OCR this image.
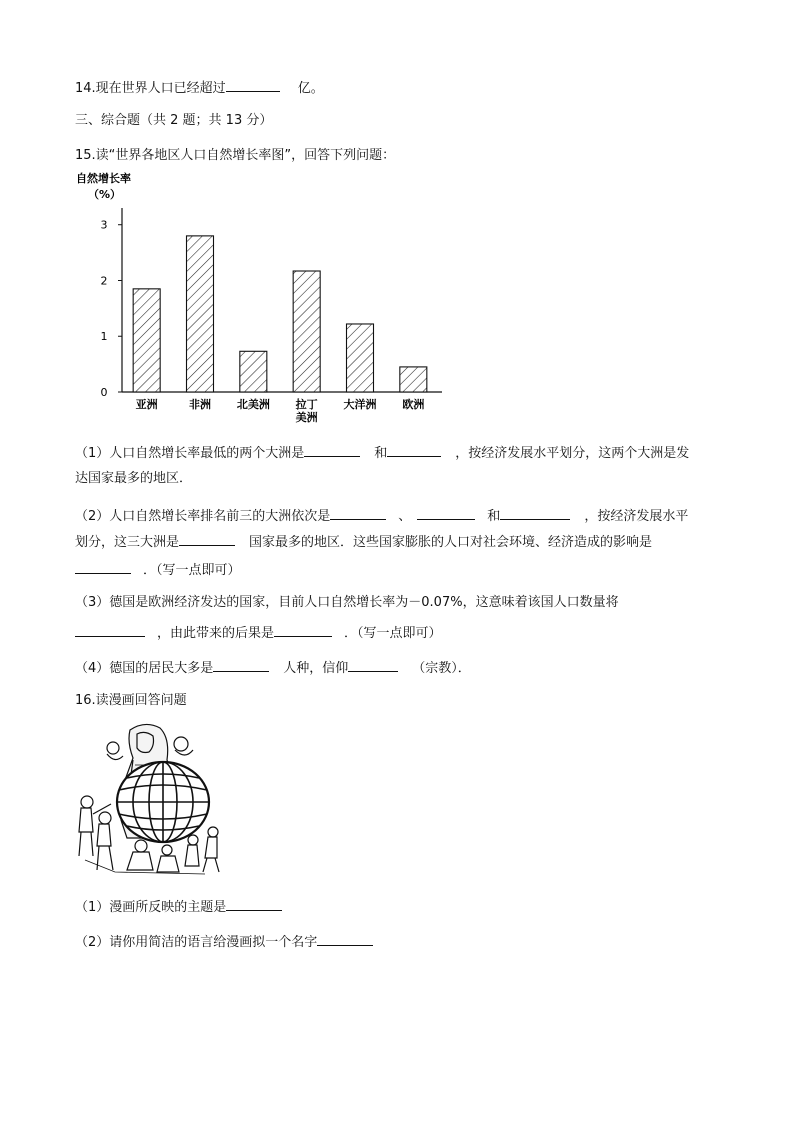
14.现在世界人口已经超过	亿。
三、综合题（共 2 题；共 13 分）
15.读“世界各地区人口自然增长率图”，回答下列问题：
自然增长率
（%）
0
1
2
3
亚洲	非洲 北美洲 拉丁
美洲
大洋洲 欧洲
（1）人口自然增长率最低的两个大洲是	和	，按经济发展水平划分，这两个大洲是发
达国家最多的地区．
（2）人口自然增长率排名前三的大洲依次是	、	和	，按经济发展水平
划分，这三大洲是	国家最多的地区．这些国家膨胀的人口对社会环境、经济造成的影响是
．（写一点即可）
（3）德国是欧洲经济发达的国家，目前人口自然增长率为－0.07%，这意味着该国人口数量将
，由此带来的后果是	．（写一点即可）
（4）德国的居民大多是	人种，信仰	（宗教）．
16.读漫画回答问题
（1）漫画所反映的主题是
（2）请你用简洁的语言给漫画拟一个名字
